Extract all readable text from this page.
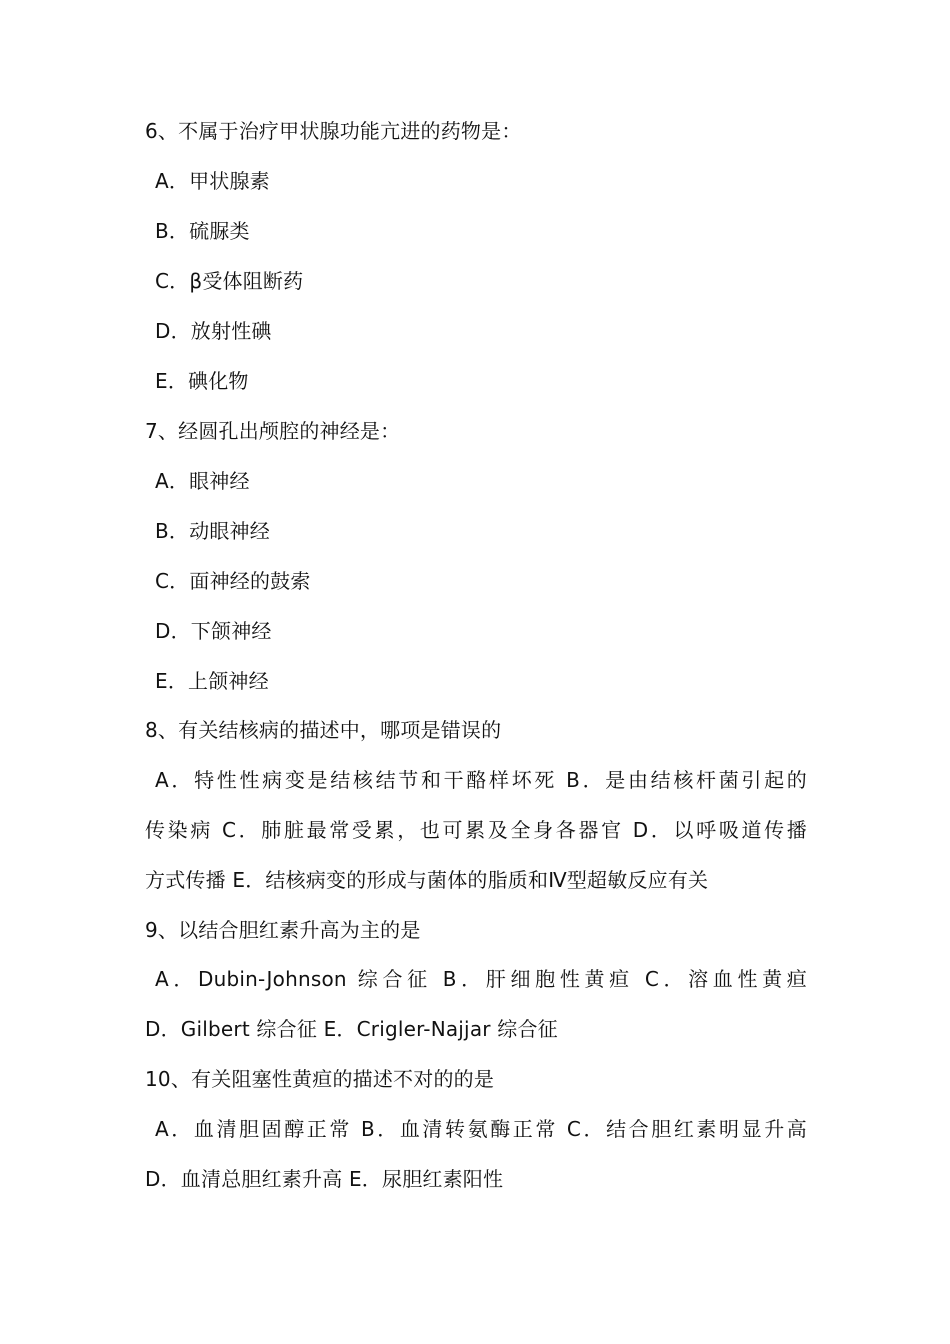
6、不属于治疗甲状腺功能亢进的药物是：
A．甲状腺素
B．硫脲类
C．β受体阻断药
D．放射性碘
E．碘化物
7、经圆孔出颅腔的神经是：
A．眼神经
B．动眼神经
C．面神经的鼓索
D．下颌神经
E．上颌神经
8、有关结核病的描述中，哪项是错误的
A．特性性病变是结核结节和干酪样坏死 B．是由结核杆菌引起的
传染病 C．肺脏最常受累，也可累及全身各器官 D．以呼吸道传播
方式传播 E．结核病变的形成与菌体的脂质和Ⅳ型超敏反应有关
9、以结合胆红素升高为主的是
A．Dubin-Johnson 综合征 B．肝细胞性黄疸 C．溶血性黄疸
D．Gilbert 综合征 E．Crigler-Najjar 综合征
10、有关阻塞性黄疸的描述不对的的是
A．血清胆固醇正常 B．血清转氨酶正常 C．结合胆红素明显升高
D．血清总胆红素升高 E．尿胆红素阳性
